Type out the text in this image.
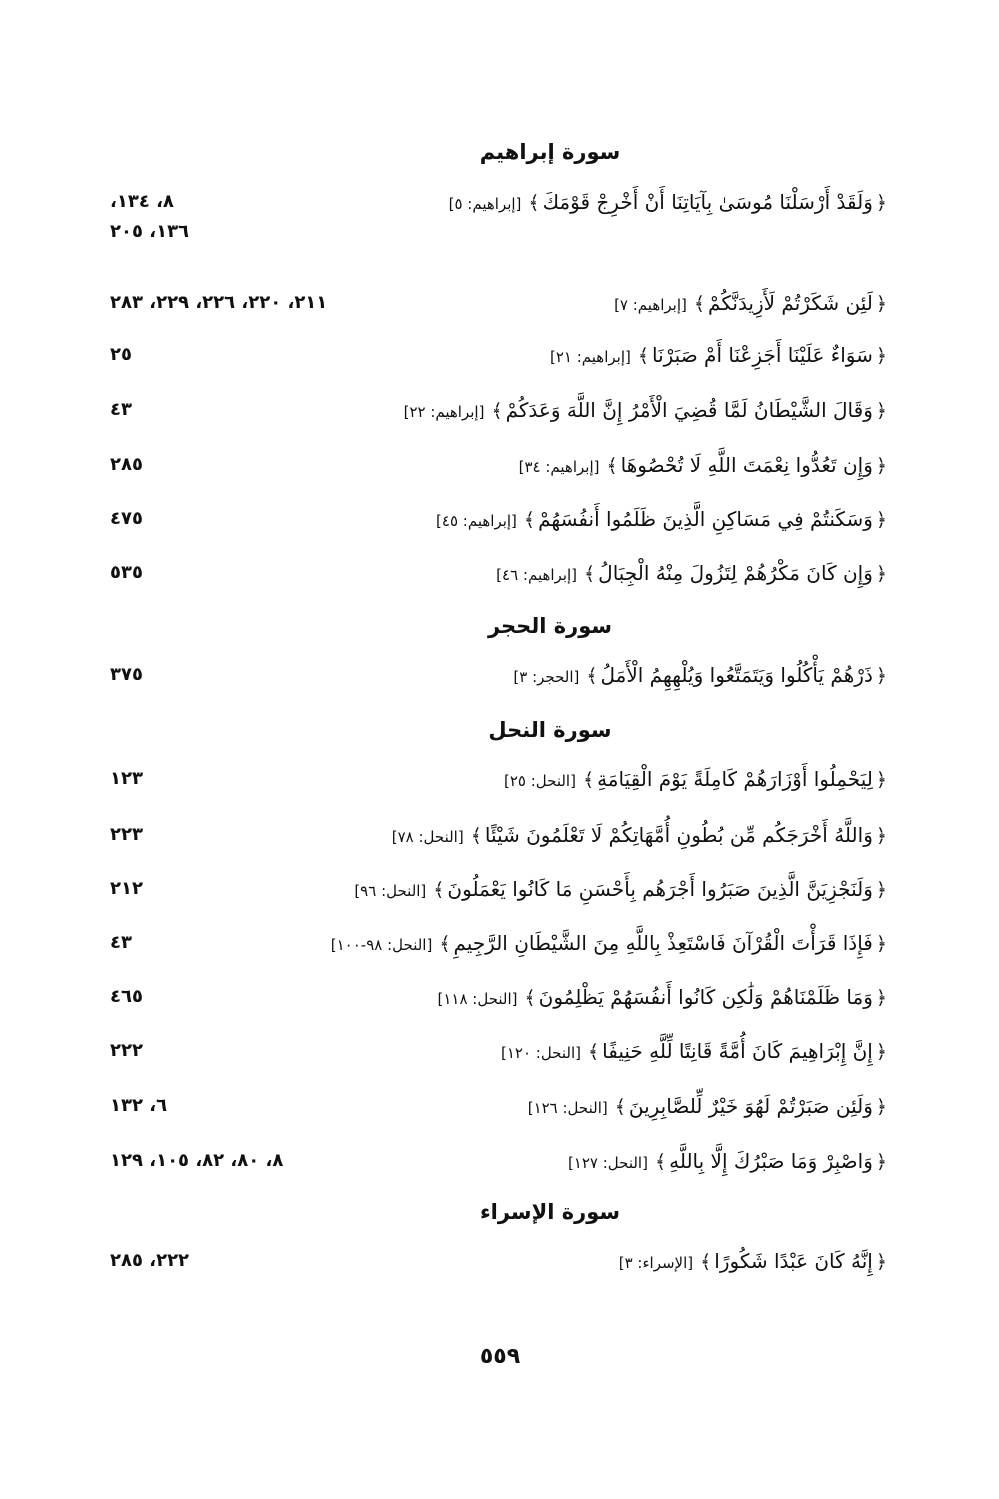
سورة إبراهيم
﴿وَلَقَدْ أَرْسَلْنَا مُوسَىٰ بِآيَاتِنَا أَنْ أَخْرِجْ قَوْمَكَ﴾[إبراهيم: ٥]
٨، ١٣٤،
١٣٦، ٢٠٥
﴿لَئِن شَكَرْتُمْ لَأَزِيدَنَّكُمْ﴾[إبراهيم: ٧]
٢١١، ٢٢٠، ٢٢٦، ٢٢٩، ٢٨٣
﴿سَوَاءٌ عَلَيْنَا أَجَزِعْنَا أَمْ صَبَرْنَا﴾[إبراهيم: ٢١]
٢٥
﴿وَقَالَ الشَّيْطَانُ لَمَّا قُضِيَ الْأَمْرُ إِنَّ اللَّهَ وَعَدَكُمْ﴾[إبراهيم: ٢٢]
٤٣
﴿وَإِن تَعُدُّوا نِعْمَتَ اللَّهِ لَا تُحْصُوهَا﴾[إبراهيم: ٣٤]
٢٨٥
﴿وَسَكَنتُمْ فِي مَسَاكِنِ الَّذِينَ ظَلَمُوا أَنفُسَهُمْ﴾[إبراهيم: ٤٥]
٤٧٥
﴿وَإِن كَانَ مَكْرُهُمْ لِتَزُولَ مِنْهُ الْجِبَالُ﴾[إبراهيم: ٤٦]
٥٣٥
سورة الحجر
﴿ذَرْهُمْ يَأْكُلُوا وَيَتَمَتَّعُوا وَيُلْهِهِمُ الْأَمَلُ﴾[الحجر: ٣]
٣٧٥
سورة النحل
﴿لِيَحْمِلُوا أَوْزَارَهُمْ كَامِلَةً يَوْمَ الْقِيَامَةِ﴾[النحل: ٢٥]
١٢٣
﴿وَاللَّهُ أَخْرَجَكُم مِّن بُطُونِ أُمَّهَاتِكُمْ لَا تَعْلَمُونَ شَيْئًا﴾[النحل: ٧٨]
٢٢٣
﴿وَلَنَجْزِيَنَّ الَّذِينَ صَبَرُوا أَجْرَهُم بِأَحْسَنِ مَا كَانُوا يَعْمَلُونَ﴾[النحل: ٩٦]
٢١٢
﴿فَإِذَا قَرَأْتَ الْقُرْآنَ فَاسْتَعِذْ بِاللَّهِ مِنَ الشَّيْطَانِ الرَّجِيمِ﴾[النحل: ٩٨-١٠٠]
٤٣
﴿وَمَا ظَلَمْنَاهُمْ وَلَٰكِن كَانُوا أَنفُسَهُمْ يَظْلِمُونَ﴾[النحل: ١١٨]
٤٦٥
﴿إِنَّ إِبْرَاهِيمَ كَانَ أُمَّةً قَانِتًا لِّلَّهِ حَنِيفًا﴾[النحل: ١٢٠]
٢٢٢
﴿وَلَئِن صَبَرْتُمْ لَهُوَ خَيْرٌ لِّلصَّابِرِينَ﴾[النحل: ١٢٦]
٦، ١٣٢
﴿وَاصْبِرْ وَمَا صَبْرُكَ إِلَّا بِاللَّهِ﴾[النحل: ١٢٧]
٨، ٨٠، ٨٢، ١٠٥، ١٢٩
سورة الإسراء
﴿إِنَّهُ كَانَ عَبْدًا شَكُورًا﴾[الإسراء: ٣]
٢٢٢، ٢٨٥
٥٥٩
